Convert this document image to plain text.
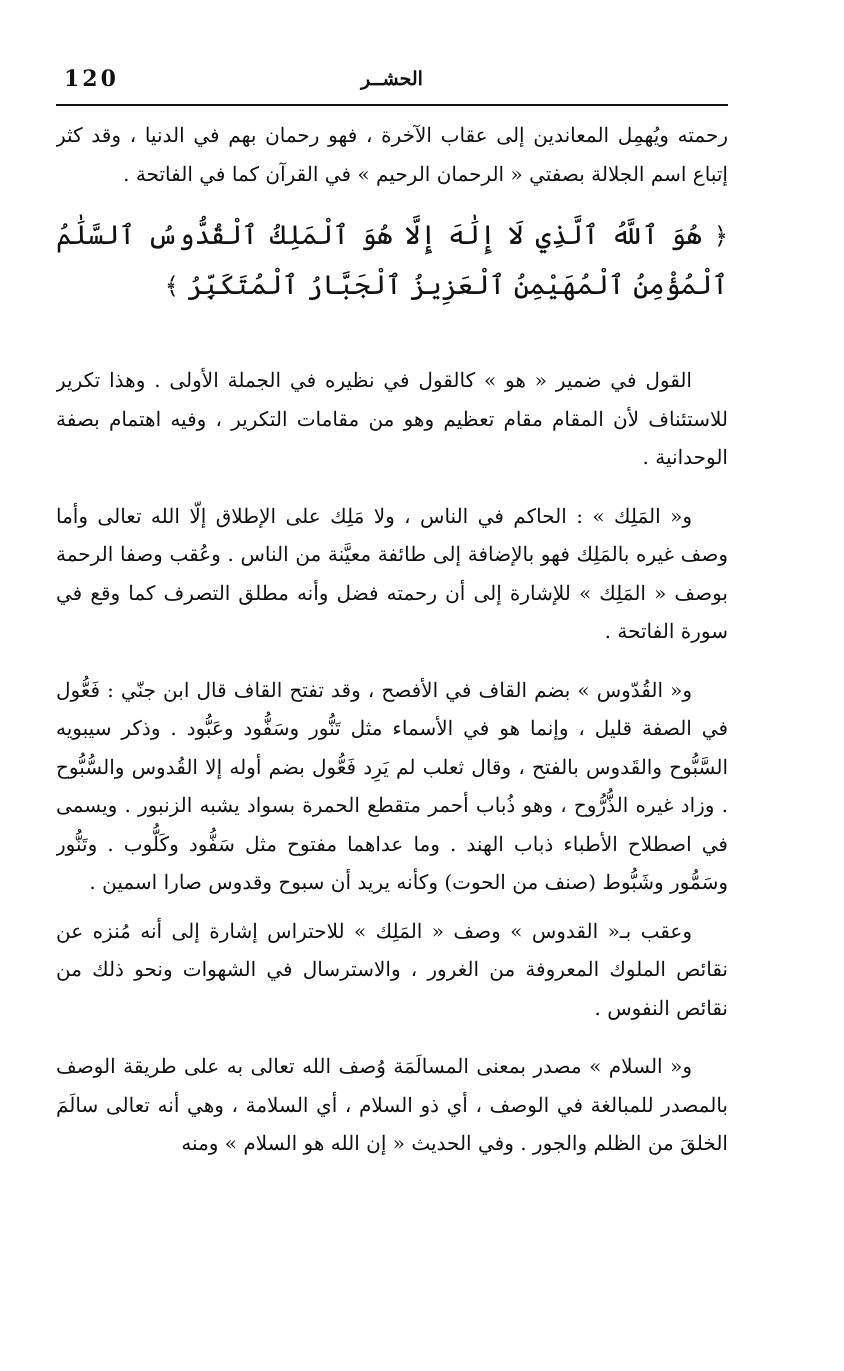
120	الحشــر

رحمته ويُهمِل المعاندين إلى عقاب الآخرة ، فهو رحمان بهم في الدنيا ، وقد كثر إتباع اسم الجلالة بصفتي « الرحمان الرحيم » في القرآن كما في الفاتحة .

﴿ هُوَ ٱللَّهُ ٱلَّذِي لَا إِلَٰهَ إِلَّا هُوَ ٱلْمَلِكُ ٱلْقُدُّوسُ ٱلسَّلَٰمُ ٱلْمُؤْمِنُ ٱلْمُهَيْمِنُ ٱلْعَزِيزُ ٱلْجَبَّارُ ٱلْمُتَكَبِّرُ ﴾

القول في ضمير « هو » كالقول في نظيره في الجملة الأولى . وهذا تكرير للاستئناف لأن المقام مقام تعظيم وهو من مقامات التكرير ، وفيه اهتمام بصفة الوحدانية .

و« المَلِك » : الحاكم في الناس ، ولا مَلِك على الإطلاق إلّا الله تعالى وأما وصف غيره بالمَلِك فهو بالإضافة إلى طائفة معيَّنة من الناس . وعُقب وصفا الرحمة بوصف « المَلِك » للإشارة إلى أن رحمته فضل وأنه مطلق التصرف كما وقع في سورة الفاتحة .

و« القُدّوس » بضم القاف في الأفصح ، وقد تفتح القاف قال ابن جنّي : فَعُّول في الصفة قليل ، وإنما هو في الأسماء مثل تَنُّور وسَفُّود وعَبُّود . وذكر سيبويه السَّبُّوح والقَدوس بالفتح ، وقال ثعلب لم يَرِد فَعُّول بضم أوله إلا القُدوس والسُّبُّوح . وزاد غيره الذُّرُّوح ، وهو ذُباب أحمر متقطع الحمرة بسواد يشبه الزنبور . ويسمى في اصطلاح الأطباء ذباب الهند . وما عداهما مفتوح مثل سَفُّود وكَلُّوب . وتَنُّور وسَمُّور وشَبُّوط (صنف من الحوت) وكأنه يريد أن سبوح وقدوس صارا اسمين .

وعقب بـ« القدوس » وصف « المَلِك » للاحتراس إشارة إلى أنه مُنزه عن نقائص الملوك المعروفة من الغرور ، والاسترسال في الشهوات ونحو ذلك من نقائص النفوس .

و« السلام » مصدر بمعنى المسالَمَة وُصف الله تعالى به على طريقة الوصف بالمصدر للمبالغة في الوصف ، أي ذو السلام ، أي السلامة ، وهي أنه تعالى سالَمَ الخلقَ من الظلم والجور . وفي الحديث « إن الله هو السلام » ومنه
